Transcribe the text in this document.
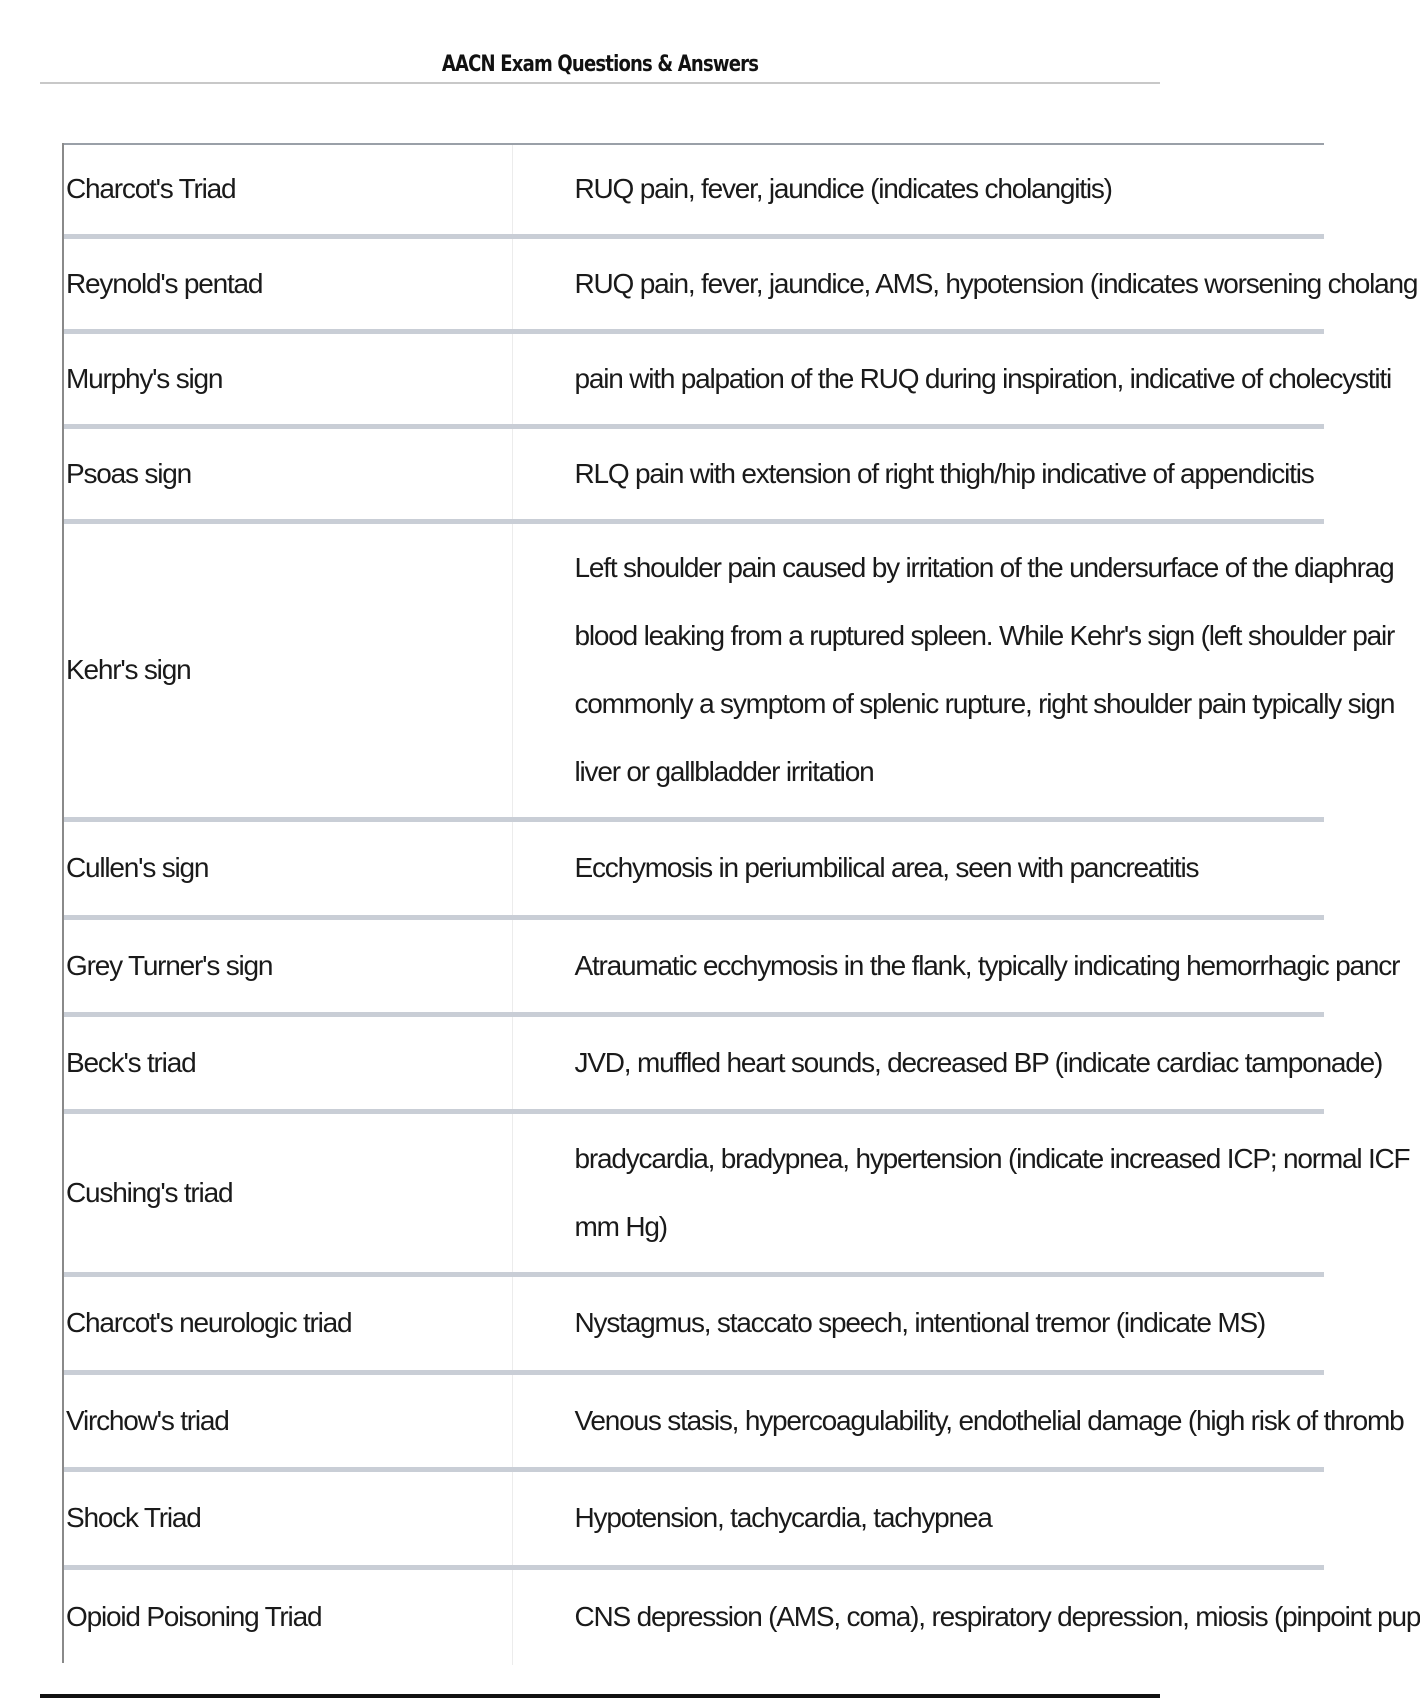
AACN Exam Questions & Answers
Charcot's Triad	RUQ pain, fever, jaundice (indicates cholangitis)
Reynold's pentad	RUQ pain, fever, jaundice, AMS, hypotension (indicates worsening cholang
Murphy's sign	pain with palpation of the RUQ during inspiration, indicative of cholecystiti
Psoas sign	RLQ pain with extension of right thigh/hip indicative of appendicitis
Kehr's sign	Left shoulder pain caused by irritation of the undersurface of the diaphrag
blood leaking from a ruptured spleen. While Kehr's sign (left shoulder pair
commonly a symptom of splenic rupture, right shoulder pain typically sign
liver or gallbladder irritation

Cullen's sign	Ecchymosis in periumbilical area, seen with pancreatitis
Grey Turner's sign	Atraumatic ecchymosis in the flank, typically indicating hemorrhagic pancr
Beck's triad	JVD, muffled heart sounds, decreased BP (indicate cardiac tamponade)
Cushing's triad	bradycardia, bradypnea, hypertension (indicate increased ICP; normal ICF
mm Hg)

Charcot's neurologic triad	Nystagmus, staccato speech, intentional tremor (indicate MS)
Virchow's triad	Venous stasis, hypercoagulability, endothelial damage (high risk of thromb
Shock Triad	Hypotension, tachycardia, tachypnea
Opioid Poisoning Triad	CNS depression (AMS, coma), respiratory depression, miosis (pinpoint pup
